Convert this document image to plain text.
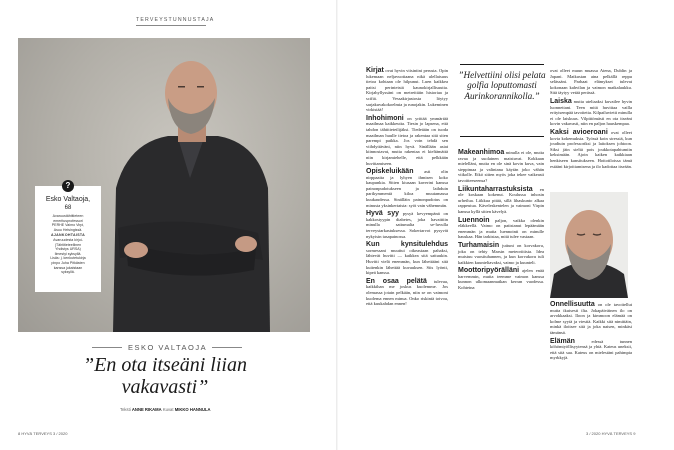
TERVEYSTUNNUSTAJA
?
Esko Valtaoja,
68
Avaruustähtitieteen
emeritusprofessori
PERHE Vaimo Virpi,
Asuu Helsingissä.
AJANKOHTAISTA
Avaruudesta kirjoi-
(Tähtitieteellinen
Yhdistys URSA)
Ilmestyi syksyllä.
Lisäs: j. kenkutetukirja
pinpo Juha Pitkästen
kanssa jukaistaan
syksyllä.
ESKO VALTAOJA
”En ota itseäni liian
vakavasti”
Teksti ANNE RIKAMA Kuvat MIKKO HANNULA
8 HYVÄ TERVEYS 3 / 2020

Kirjat ovat hyvin viisintini perusta. Opin lukemaan neljavuotiaana nikä ulellaisuus tietoa kohtaan ole hilpunut. Luen kaikkea paitsi perinteistä kaunokirjallisuutta. Kirjahyllyssäni on metreittäin historiaa ja scifiä. Vessakirjastosta löytyy sarjakuvakokoelmia ja runojakin. Lukeminen virkistää!

Inhohimoni on yrittää ymmärtää maailmaa kaikkeutta. Tiesin jo lapsena, että tahdon tähtitieteilijäksi. Tiedetään on tuoda maailman huulle tietoa ja rakentaa sitä siten parempi paikka. Jos voin tehdä sen viihdyttäväni, niin hyvä. Sinällään asiat kiinnostavat, mutta rakentaa ei kieltämättä niin kirjamiehelle, että pelkkään huvittamiseen.

Opiskeluikään asti olin nirppaaita ja lyhyen ihmisen koko kaupunkia. Sitten kiusaan kaverini kanssa painonpudotukseen ja laihduin parikymmentä kiloa muutamassa kuukaudessa. Sinälläin painonpudotus on minusta yksinkertaista: syöt vain vähemmän.

Hyvä syy pysyä kevyempänä on kakkostyypin diabetes, joka havaittiin minulla sattumalta se-luvulla terveystarkastuksessa. Sokeriarvot pysyvät nykyisin tasapainossa.

Kun kynsitulehdus sormessani muuttui oikeastaan pahaksi, lähtevät huvitti — kaikkea sitä sattuukin. Huvitti vielä enemmän, kun lähettääni sitä kuitenkin lähettää kuvauksen. Siis lyönti, kipeä kanssa.

En osaa pelätä tulevaa, kaikkihan me joskus kuolemme. Jos olemassa jotain pelkään, niin se on vaimoni kuolema ennen minua. Onko riskintä toivoa, että kuukahdan ennen!

”Helvettiini olisi pelata golfia loputtomasti Aurinkorannikolla.”

Makeanhimoa minulla ei ole, mutta ravaa ja suolainen maistuvat. Kokkaan mielelläni, mutta en ole sinä kovin kuva, vain sieppimaa ja valintana käytän joko vähän viikolle. Eikö sitten myös joka tekee vaikeasti tavoitteeseensa?

Liikuntaharrastuksista en ole koskaan kokenut. Koulussa inhosin urheilua. Liikkua pitää, sillä lihaskunto alkaa rappeutua. Käveleskentelen ja vaimoni Virpin kanssa kyllä sitten kävelyä.

Luennoin paljon, vaikka olenkin eläkkeellä. Vaimo on patistanut lepäämään enemmän ja mutta luennointi on minulle hauskaa. Hän tarkistaa, mitä tulee vastaan.

Turhamaisin juttuni on korvakoru, joka on tehty Marsin meteoriitista. Idea muistuu vuosituhannen, ja kun korvakoru tuli kaikkien kuunteltavaksi, vaimo ja kuunteli.

Moottoripyörälläni ajelen enää harvemmin, mutta teemme vaimon kanssa kunnon ulkomaanmatkan kerran vuodessa. Kohteina

ovat olleet muun muassa Atenа, Dublin ja Japani. Matkustan aina pelkällä reppu selässäni. Parhaat elämykset tulevat kokonaan kahvilan ja vaimon matkalaukku. Sitä täytyy vetää perässä.

Laiska mutta uteliaaksi kuvailee hyvin luonnettani. Teen mitä huvittaa vailla erityisempää tavoitetta. Kilpailuvietti minulla ei ole laiskuus. Vilpittömästi en ota itseäni kovin vakavasti, niin en paljon hauskempaa.

Kaksi avioeroani ovat olleet kovia kokemuksia. Työssä koin stressiä, kun joudtuin professoriksi ja laitoksen johtoon. Siksi jäin sieltä pois joukkotapahtumiin keksimään. Ajoin kaiken kaikkiaan henkiseen kansitukseen. Hoitotiloissa tämä estääni kirjoittamisena ja ilo kadottaa itseään.

Onnellisuutta on ole tavoitellut mutta ikuisesti ilta. Jokapäiväinen ilo on arvokkaaksi. Iloon ja kimmoon elämää on kolme syytä ja viestiä. Kaikki sitä nimittäin, minkä iloitsee sitä ja joka naisen, minkäsi tämänsä.

Elämän	edessä tunnen köhömtyöllisyytensä ja yhtä. Kateus uneksii, että sitä saa. Kateus on mielestäni pahimpia myrkkyjä.

3 / 2020 HYVÄ TERVEYS 9
